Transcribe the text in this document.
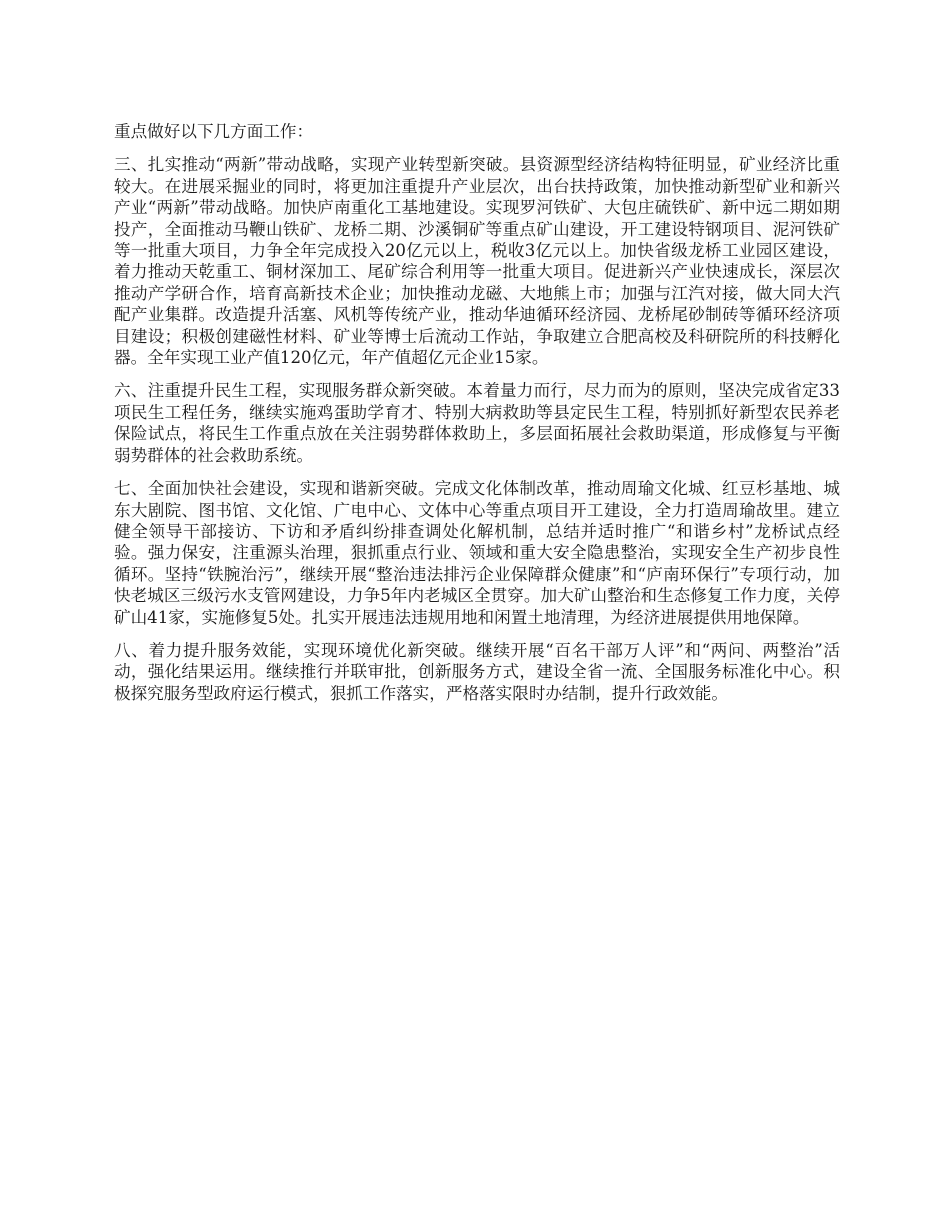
重点做好以下几方面工作：

三、扎实推动“两新”带动战略，实现产业转型新突破。县资源型经济结构特征明显，矿业经济比重较大。在进展采掘业的同时，将更加注重提升产业层次，出台扶持政策，加快推动新型矿业和新兴产业“两新”带动战略。加快庐南重化工基地建设。实现罗河铁矿、大包庄硫铁矿、新中远二期如期投产，全面推动马鞭山铁矿、龙桥二期、沙溪铜矿等重点矿山建设，开工建设特钢项目、泥河铁矿等一批重大项目，力争全年完成投入20亿元以上，税收3亿元以上。加快省级龙桥工业园区建设，着力推动天乾重工、铜材深加工、尾矿综合利用等一批重大项目。促进新兴产业快速成长，深层次推动产学研合作，培育高新技术企业；加快推动龙磁、大地熊上市；加强与江汽对接，做大同大汽配产业集群。改造提升活塞、风机等传统产业，推动华迪循环经济园、龙桥尾砂制砖等循环经济项目建设；积极创建磁性材料、矿业等博士后流动工作站，争取建立合肥高校及科研院所的科技孵化器。全年实现工业产值120亿元，年产值超亿元企业15家。

六、注重提升民生工程，实现服务群众新突破。本着量力而行，尽力而为的原则，坚决完成省定33项民生工程任务，继续实施鸡蛋助学育才、特别大病救助等县定民生工程，特别抓好新型农民养老保险试点，将民生工作重点放在关注弱势群体救助上，多层面拓展社会救助渠道，形成修复与平衡弱势群体的社会救助系统。

七、全面加快社会建设，实现和谐新突破。完成文化体制改革，推动周瑜文化城、红豆杉基地、城东大剧院、图书馆、文化馆、广电中心、文体中心等重点项目开工建设，全力打造周瑜故里。建立健全领导干部接访、下访和矛盾纠纷排查调处化解机制，总结并适时推广“和谐乡村”龙桥试点经验。强力保安，注重源头治理，狠抓重点行业、领域和重大安全隐患整治，实现安全生产初步良性循环。坚持“铁腕治污”，继续开展“整治违法排污企业保障群众健康”和“庐南环保行”专项行动，加快老城区三级污水支管网建设，力争5年内老城区全贯穿。加大矿山整治和生态修复工作力度，关停矿山41家，实施修复5处。扎实开展违法违规用地和闲置土地清理，为经济进展提供用地保障。

八、着力提升服务效能，实现环境优化新突破。继续开展“百名干部万人评”和“两问、两整治”活动，强化结果运用。继续推行并联审批，创新服务方式，建设全省一流、全国服务标准化中心。积极探究服务型政府运行模式，狠抓工作落实，严格落实限时办结制，提升行政效能。
